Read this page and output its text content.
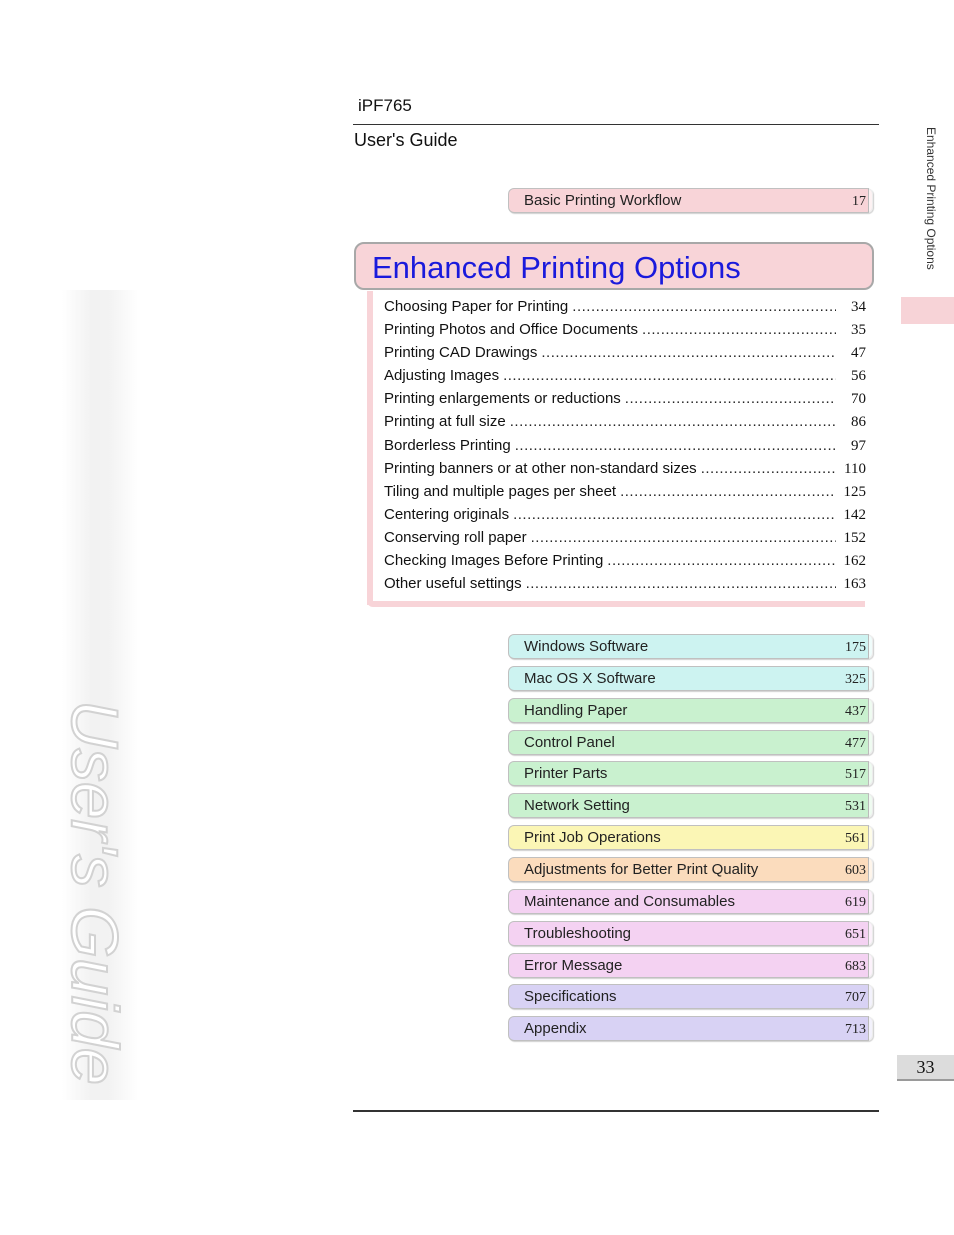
User's Guide
iPF765
User's Guide	Enhanced Printing Options
Basic Printing Workflow	17
Enhanced Printing Options
Choosing Paper for Printing .....	34
Printing Photos and Office Documents .....	35
Printing CAD Drawings .....	47
Adjusting Images .....	56
Printing enlargements or reductions .....	70
Printing at full size .....	86
Borderless Printing .....	97
Printing banners or at other non-standard sizes .....	110
Tiling and multiple pages per sheet .....	125
Centering originals .....	142
Conserving roll paper .....	152
Checking Images Before Printing .....	162
Other useful settings .....	163
Windows Software	175
Mac OS X Software	325
Handling Paper	437
Control Panel	477
Printer Parts	517
Network Setting	531
Print Job Operations	561
Adjustments for Better Print Quality	603
Maintenance and Consumables	619
Troubleshooting	651
Error Message	683
Specifications	707
Appendix	713
33
